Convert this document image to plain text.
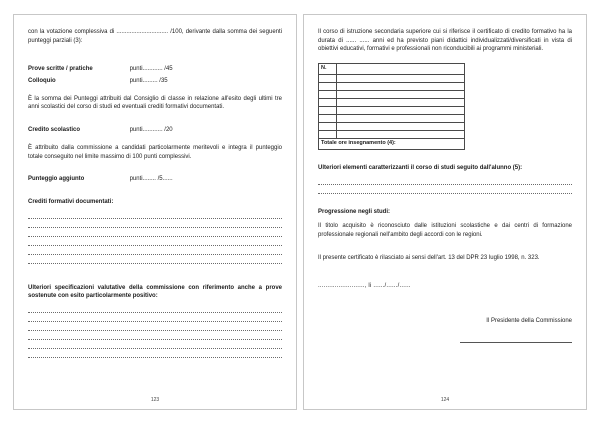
con la votazione complessiva di ............................... /100, derivante dalla somma dei seguenti punteggi parziali (3):

Prove scritte / pratiche	punti............ /45
Colloquio	punti......... /35

È la somma dei Punteggi attribuiti dal Consiglio di classe in relazione all'esito degli ultimi tre anni scolastici del corso di studi ed eventuali crediti formativi documentati.

Credito scolastico	punti............ /20

È attribuito dalla commissione a candidati particolarmente meritevoli e integra il punteggio totale conseguito nel limite massimo di 100 punti complessivi.

Punteggio aggiunto	punti........ /5......
Crediti formativi documentati:
Ulteriori specificazioni valutative della commissione con riferimento anche a prove sostenute con esito particolarmente positivo:
123

Il corso di istruzione secondaria superiore cui si riferisce il certificato di credito formativo ha la durata di ...... ...... anni ed ha previsto piani didattici individualizzati/diversificati in vista di obiettivi educativi, formativi e professionali non riconducibili ai programmi ministeriali.

N.	

Totale ore insegnamento (4):	
Ulteriori elementi caratterizzanti il corso di studi seguito dall'alunno (5):
Progressione negli studi:

Il titolo acquisito è riconosciuto dalle istituzioni scolastiche e dai centri di formazione professionale regionali nell'ambito degli accordi con le regioni.

Il presente certificato è rilasciato ai sensi dell'art. 13 del DPR 23 luglio 1998, n. 323.

........................., li ....../....../......

Il Presidente della Commissione
124
